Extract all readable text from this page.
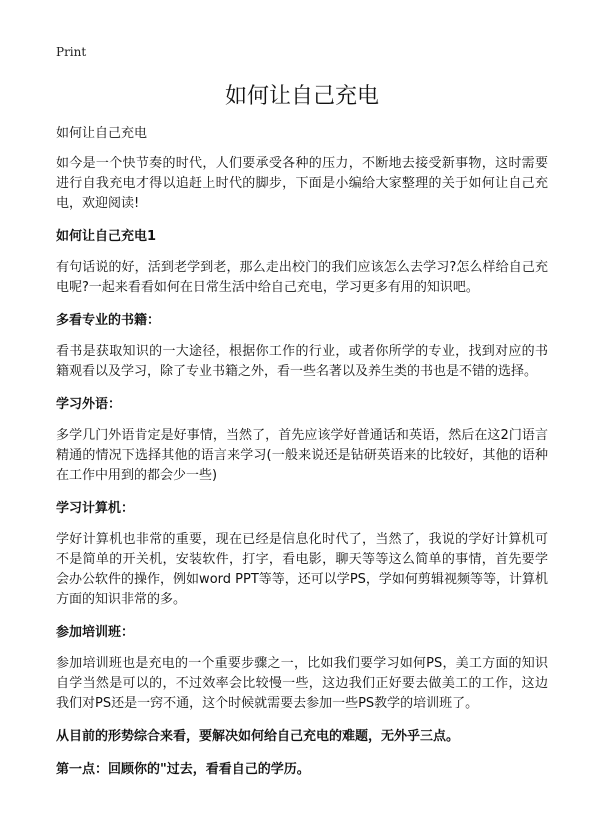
Print

如何让自己充电

如何让自己充电

如今是一个快节奏的时代，人们要承受各种的压力，不断地去接受新事物，这时需要进行自我充电才得以追赶上时代的脚步，下面是小编给大家整理的关于如何让自己充电，欢迎阅读!

如何让自己充电1

有句话说的好，活到老学到老，那么走出校门的我们应该怎么去学习?怎么样给自己充电呢?一起来看看如何在日常生活中给自己充电，学习更多有用的知识吧。

多看专业的书籍：

看书是获取知识的一大途径，根据你工作的行业，或者你所学的专业，找到对应的书籍观看以及学习，除了专业书籍之外，看一些名著以及养生类的书也是不错的选择。

学习外语：

多学几门外语肯定是好事情，当然了，首先应该学好普通话和英语，然后在这2门语言精通的情况下选择其他的语言来学习(一般来说还是钻研英语来的比较好，其他的语种在工作中用到的都会少一些)

学习计算机：

学好计算机也非常的重要，现在已经是信息化时代了，当然了，我说的学好计算机可不是简单的开关机，安装软件，打字，看电影，聊天等等这么简单的事情，首先要学会办公软件的操作，例如word PPT等等，还可以学PS，学如何剪辑视频等等，计算机方面的知识非常的多。

参加培训班：

参加培训班也是充电的一个重要步骤之一，比如我们要学习如何PS，美工方面的知识自学当然是可以的，不过效率会比较慢一些，这边我们正好要去做美工的工作，这边我们对PS还是一窍不通，这个时候就需要去参加一些PS教学的培训班了。

从目前的形势综合来看，要解决如何给自己充电的难题，无外乎三点。

第一点：回顾你的"过去，看看自己的学历。
